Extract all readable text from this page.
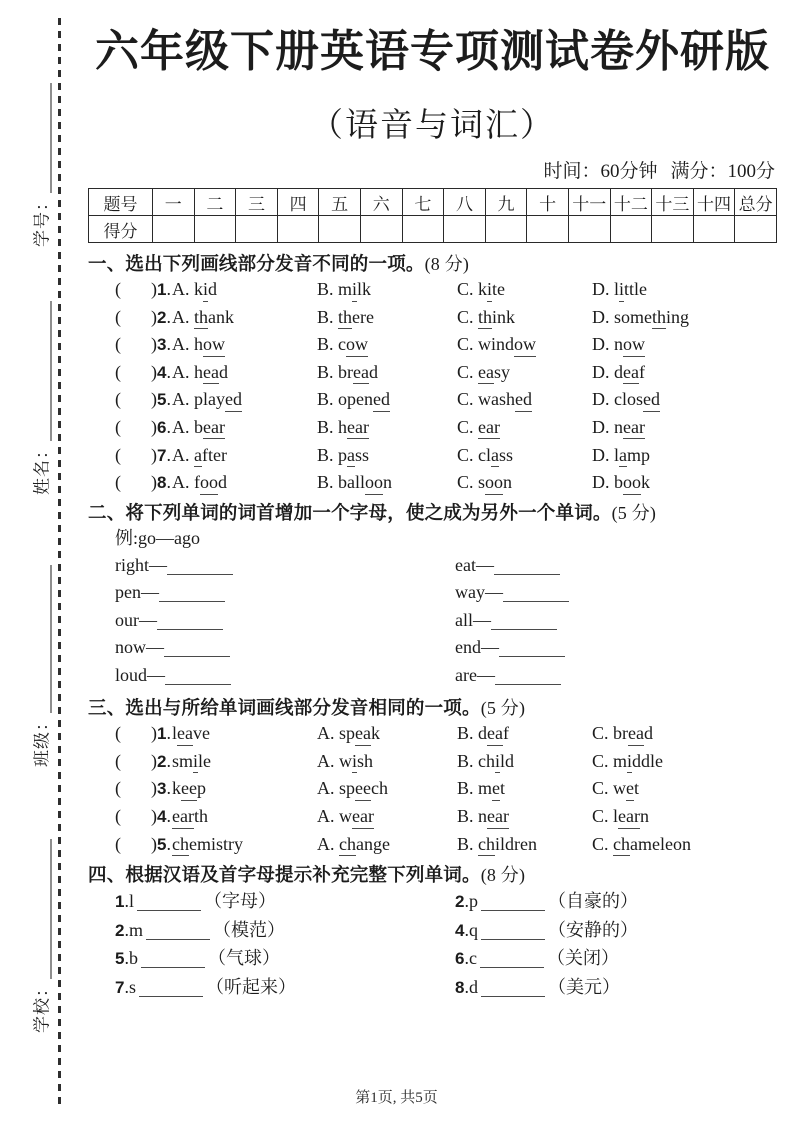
学号：
姓名：
班级：
学校：
六年级下册英语专项测试卷外研版
（语音与词汇）
时间：60分钟 满分：100分
题号	一	二	三	四	五	六	七	八	九	十	十一	十二	十三	十四	总分
得分															
一、选出下列画线部分发音不同的一项。(8 分)
( )1. A. kid	B. milk	C. kite	D. little
( )2. A. thank	B. there	C. think	D. something
( )3. A. how	B. cow	C. window	D. now
( )4. A. head	B. bread	C. easy	D. deaf
( )5. A. played	B. opened	C. washed	D. closed
( )6. A. bear	B. hear	C. ear	D. near
( )7. A. after	B. pass	C. class	D. lamp
( )8. A. food	B. balloon	C. soon	D. book
二、将下列单词的词首增加一个字母，使之成为另外一个单词。(5 分)
例:go—ago
right—	eat—
pen—	way—
our—	all—
now—	end—
loud—	are—
三、选出与所给单词画线部分发音相同的一项。(5 分)
( )1. leave	A. speak	B. deaf	C. bread
( )2. smile	A. wish	B. child	C. middle
( )3. keep	A. speech	B. met	C. wet
( )4. earth	A. wear	B. near	C. learn
( )5. chemistry	A. change	B. children	C. chameleon
四、根据汉语及首字母提示补充完整下列单词。(8 分)
1.l	（字母）	2.p	（自豪的）
2.m	（模范）	4.q	（安静的）
5.b	（气球）	6.c	（关闭）
7.s	（听起来）	8.d	（美元）
第1页, 共5页
